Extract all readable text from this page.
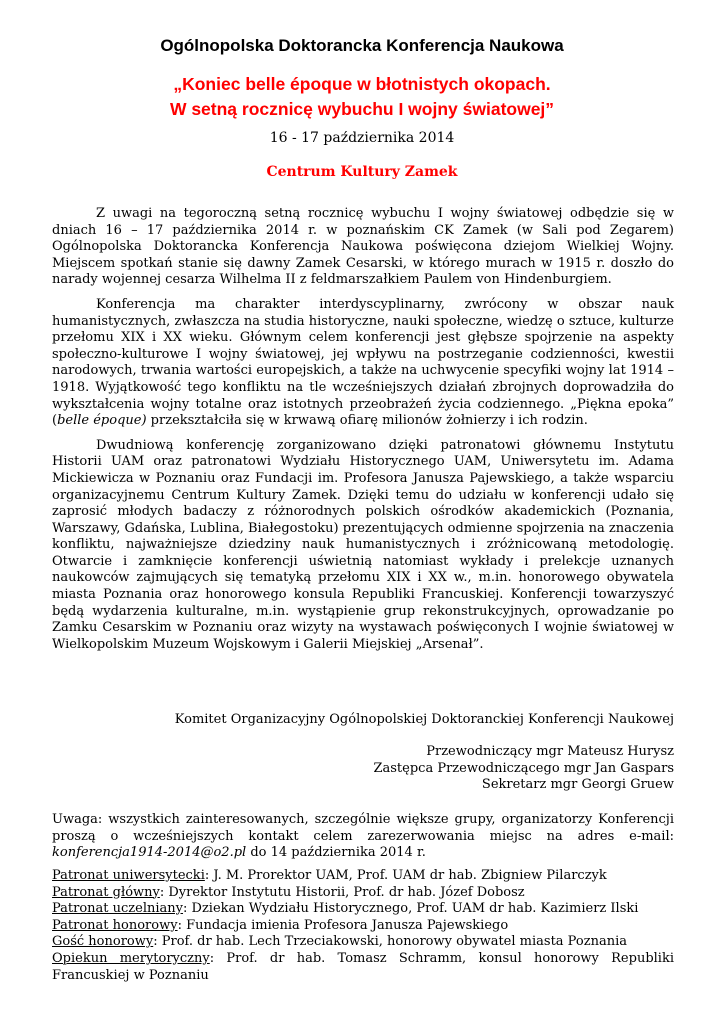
Ogólnopolska Doktorancka Konferencja Naukowa
„Koniec belle époque w błotnistych okopach.
W setną rocznicę wybuchu I wojny światowej”
16 - 17 października 2014
Centrum Kultury Zamek

Z uwagi na tegoroczną setną rocznicę wybuchu I wojny światowej odbędzie się w dniach 16 – 17 października 2014 r. w poznańskim CK Zamek (w Sali pod Zegarem) Ogólnopolska Doktorancka Konferencja Naukowa poświęcona dziejom Wielkiej Wojny. Miejscem spotkań stanie się dawny Zamek Cesarski, w którego murach w 1915 r. doszło do narady wojennej cesarza Wilhelma II z feldmarszałkiem Paulem von Hindenburgiem.

Konferencja ma charakter interdyscyplinarny, zwrócony w obszar nauk humanistycznych, zwłaszcza na studia historyczne, nauki społeczne, wiedzę o sztuce, kulturze przełomu XIX i XX wieku. Głównym celem konferencji jest głębsze spojrzenie na aspekty społeczno-kulturowe I wojny światowej, jej wpływu na postrzeganie codzienności, kwestii narodowych, trwania wartości europejskich, a także na uchwycenie specyfiki wojny lat 1914 – 1918. Wyjątkowość tego konfliktu na tle wcześniejszych działań zbrojnych doprowadziła do wykształcenia wojny totalne oraz istotnych przeobrażeń życia codziennego. „Piękna epoka” (belle époque) przekształciła się w krwawą ofiarę milionów żołnierzy i ich rodzin.

Dwudniową konferencję zorganizowano dzięki patronatowi głównemu Instytutu Historii UAM oraz patronatowi Wydziału Historycznego UAM, Uniwersytetu im. Adama Mickiewicza w Poznaniu oraz Fundacji im. Profesora Janusza Pajewskiego, a także wsparciu organizacyjnemu Centrum Kultury Zamek. Dzięki temu do udziału w konferencji udało się zaprosić młodych badaczy z różnorodnych polskich ośrodków akademickich (Poznania, Warszawy, Gdańska, Lublina, Białegostoku) prezentujących odmienne spojrzenia na znaczenia konfliktu, najważniejsze dziedziny nauk humanistycznych i zróżnicowaną metodologię. Otwarcie i zamknięcie konferencji uświetnią natomiast wykłady i prelekcje uznanych naukowców zajmujących się tematyką przełomu XIX i XX w., m.in. honorowego obywatela miasta Poznania oraz honorowego konsula Republiki Francuskiej. Konferencji towarzyszyć będą wydarzenia kulturalne, m.in. wystąpienie grup rekonstrukcyjnych, oprowadzanie po Zamku Cesarskim w Poznaniu oraz wizyty na wystawach poświęconych I wojnie światowej w Wielkopolskim Muzeum Wojskowym i Galerii Miejskiej „Arsenał”.

Komitet Organizacyjny Ogólnopolskiej Doktoranckiej Konferencji Naukowej
Przewodniczący mgr Mateusz Hurysz
Zastępca Przewodniczącego mgr Jan Gaspars
Sekretarz mgr Georgi Gruew
Uwaga: wszystkich zainteresowanych, szczególnie większe grupy, organizatorzy Konferencji proszą o wcześniejszych kontakt celem zarezerwowania miejsc na adres e-mail: konferencja1914-2014@o2.pl do 14 października 2014 r.
Patronat uniwersytecki: J. M. Prorektor UAM, Prof. UAM dr hab. Zbigniew Pilarczyk
Patronat główny: Dyrektor Instytutu Historii, Prof. dr hab. Józef Dobosz
Patronat uczelniany: Dziekan Wydziału Historycznego, Prof. UAM dr hab. Kazimierz Ilski
Patronat honorowy: Fundacja imienia Profesora Janusza Pajewskiego
Gość honorowy: Prof. dr hab. Lech Trzeciakowski, honorowy obywatel miasta Poznania
Opiekun merytoryczny: Prof. dr hab. Tomasz Schramm, konsul honorowy Republiki Francuskiej w Poznaniu
